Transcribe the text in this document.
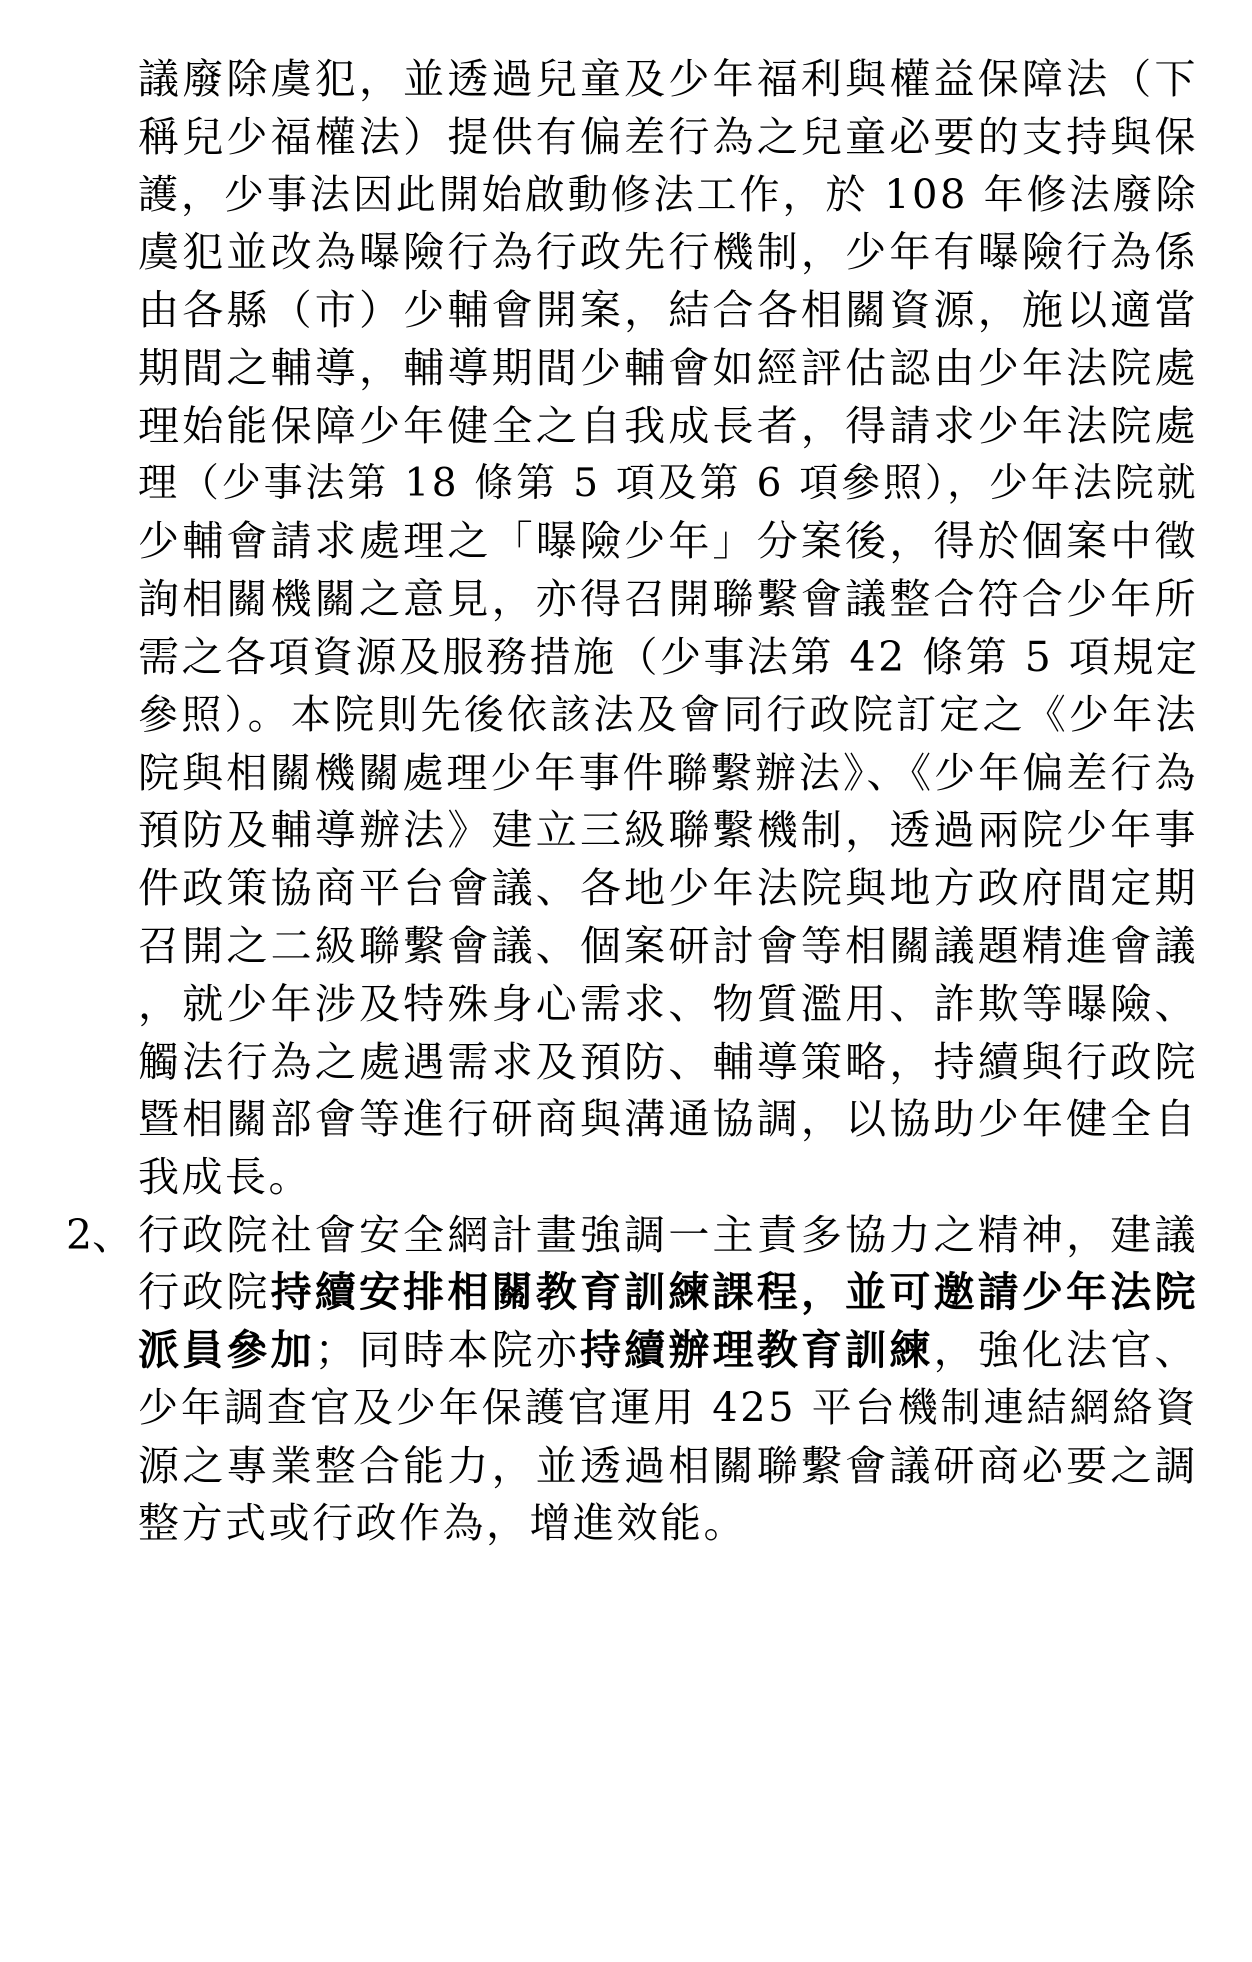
議廢除虞犯，並透過兒童及少年福利與權益保障法（下
稱兒少福權法）提供有偏差行為之兒童必要的支持與保
護，少事法因此開始啟動修法工作，於 108 年修法廢除
虞犯並改為曝險行為行政先行機制，少年有曝險行為係
由各縣（市）少輔會開案，結合各相關資源，施以適當
期間之輔導，輔導期間少輔會如經評估認由少年法院處
理始能保障少年健全之自我成長者，得請求少年法院處
理（少事法第 18 條第 5 項及第 6 項參照），少年法院就
少輔會請求處理之「曝險少年」分案後，得於個案中徵
詢相關機關之意見，亦得召開聯繫會議整合符合少年所
需之各項資源及服務措施（少事法第 42 條第 5 項規定
參照）。本院則先後依該法及會同行政院訂定之《少年法
院與相關機關處理少年事件聯繫辦法》、《少年偏差行為
預防及輔導辦法》建立三級聯繫機制，透過兩院少年事
件政策協商平台會議、各地少年法院與地方政府間定期
召開之二級聯繫會議、個案研討會等相關議題精進會議
，就少年涉及特殊身心需求、物質濫用、詐欺等曝險、
觸法行為之處遇需求及預防、輔導策略，持續與行政院
暨相關部會等進行研商與溝通協調，以協助少年健全自
我成長。
2、 行政院社會安全網計畫強調一主責多協力之精神，建議
行政院持續安排相關教育訓練課程，並可邀請少年法院
派員參加；同時本院亦持續辦理教育訓練，強化法官、
少年調查官及少年保護官運用 425 平台機制連結網絡資
源之專業整合能力，並透過相關聯繫會議研商必要之調
整方式或行政作為，增進效能。
